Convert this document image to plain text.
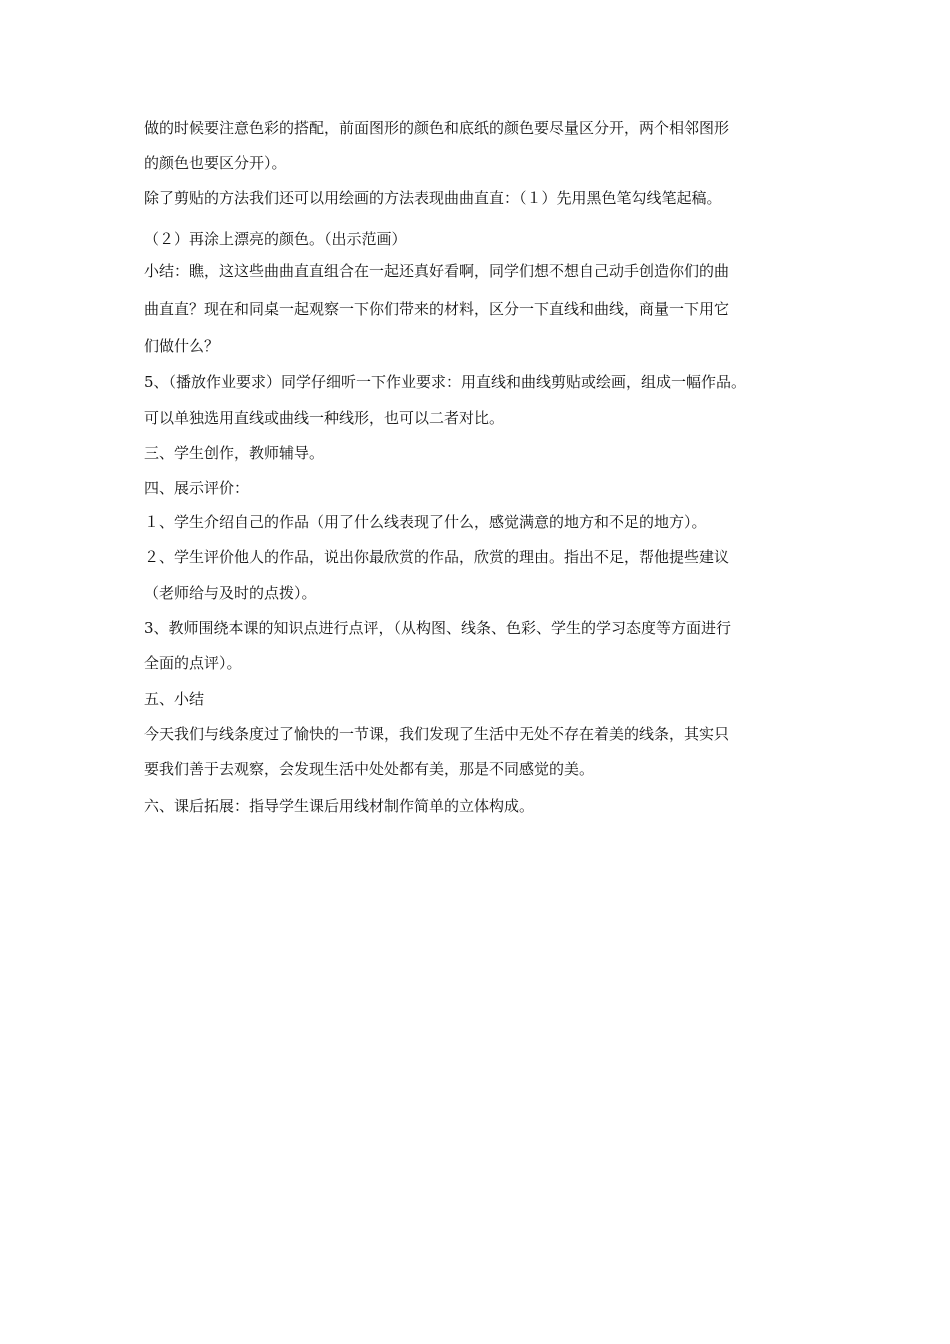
做的时候要注意色彩的搭配，前面图形的颜色和底纸的颜色要尽量区分开，两个相邻图形
的颜色也要区分开）。
除了剪贴的方法我们还可以用绘画的方法表现曲曲直直：（１）先用黑色笔勾线笔起稿。
（２）再涂上漂亮的颜色。（出示范画）
小结：瞧，这这些曲曲直直组合在一起还真好看啊，同学们想不想自己动手创造你们的曲
曲直直？现在和同桌一起观察一下你们带来的材料，区分一下直线和曲线，商量一下用它
们做什么？
5、（播放作业要求）同学仔细听一下作业要求：用直线和曲线剪贴或绘画，组成一幅作品。
可以单独选用直线或曲线一种线形，也可以二者对比。
三、学生创作，教师辅导。
四、展示评价：
１、学生介绍自己的作品（用了什么线表现了什么，感觉满意的地方和不足的地方）。
２、学生评价他人的作品，说出你最欣赏的作品，欣赏的理由。指出不足，帮他提些建议
（老师给与及时的点拨）。
3、教师围绕本课的知识点进行点评，（从构图、线条、色彩、学生的学习态度等方面进行
全面的点评）。
五、小结
今天我们与线条度过了愉快的一节课，我们发现了生活中无处不存在着美的线条，其实只
要我们善于去观察，会发现生活中处处都有美，那是不同感觉的美。
六、课后拓展：指导学生课后用线材制作简单的立体构成。
